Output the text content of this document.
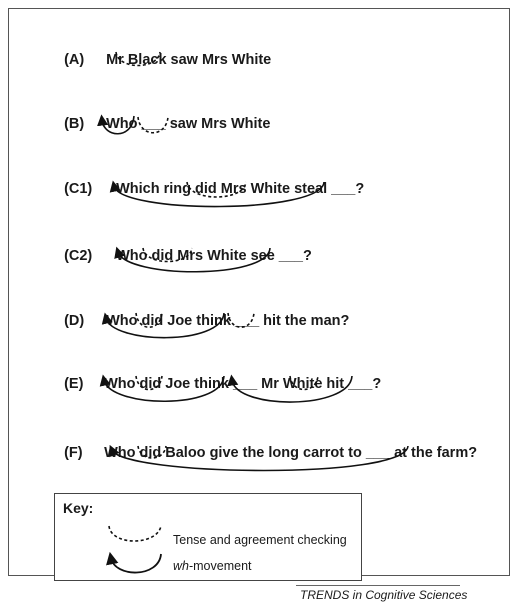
(A) Mr Black saw Mrs White

(B) Who ___ saw Mrs White

(C1) Which ring did Mrs White steal ___?

(C2) Who did Mrs White see ___?

(D) Who did Joe think ___ hit the man?

(E) Who did Joe think ___ Mr White hit ___?

(F) Who did Baloo give the long carrot to ___ at the farm?

Key:
Tense and agreement checking
wh-movement
TRENDS in Cognitive Sciences
